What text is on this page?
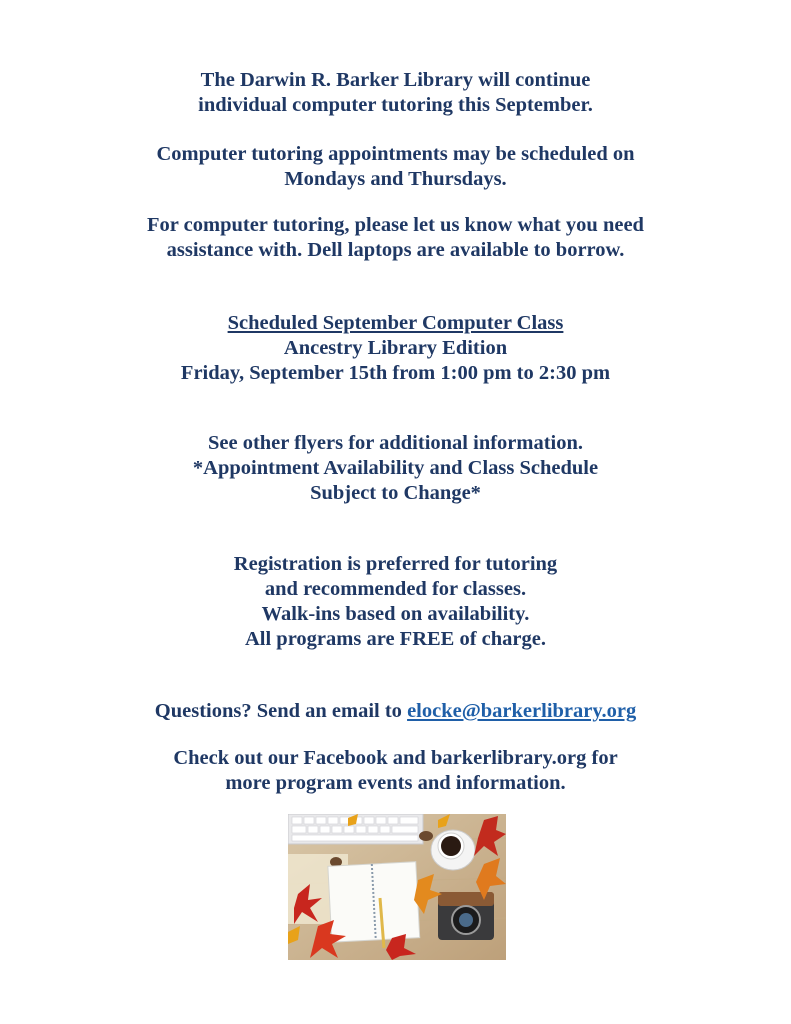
The Darwin R. Barker Library will continue
individual computer tutoring this September.
Computer tutoring appointments may be scheduled on
Mondays and Thursdays.
For computer tutoring, please let us know what you need
assistance with. Dell laptops are available to borrow.
Scheduled September Computer Class
Ancestry Library Edition
Friday, September 15th from 1:00 pm to 2:30 pm
See other flyers for additional information.
*Appointment Availability and Class Schedule
Subject to Change*
Registration is preferred for tutoring
and recommended for classes.
Walk-ins based on availability.
All programs are FREE of charge.
Questions? Send an email to elocke@barkerlibrary.org
Check out our Facebook and barkerlibrary.org for
more program events and information.
